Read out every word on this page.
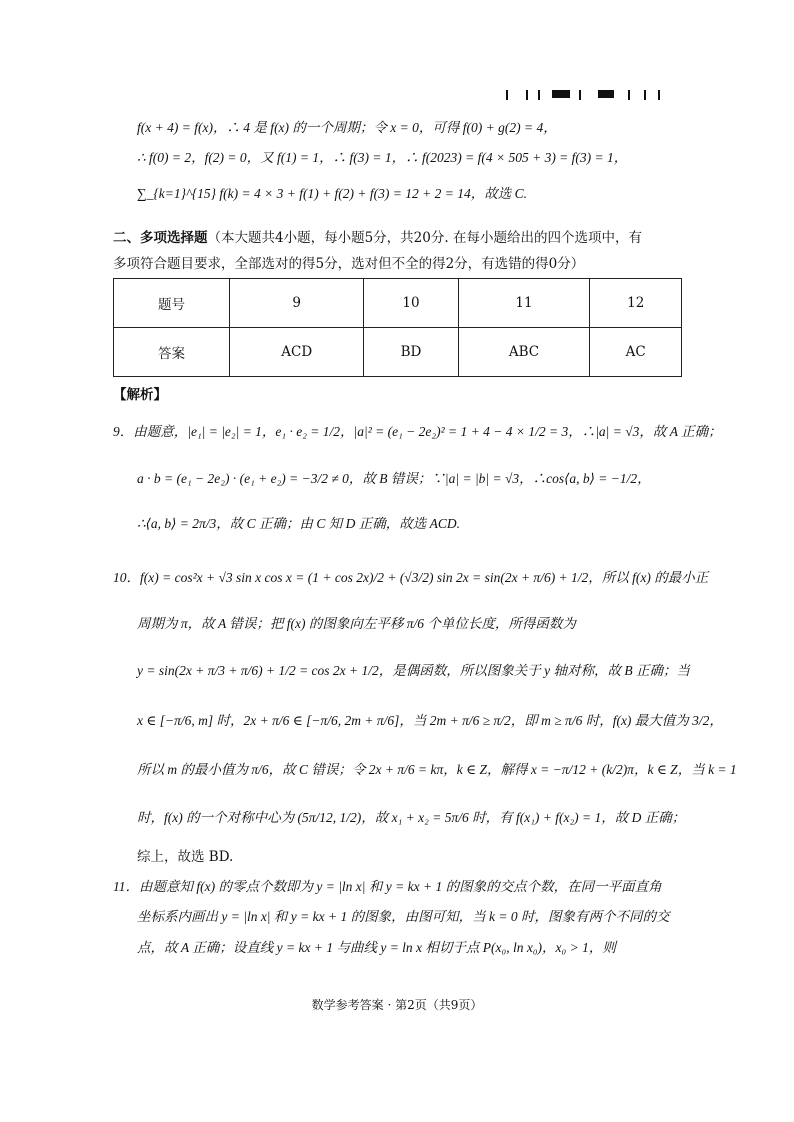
f(x + 4) = f(x)，∴ 4 是 f(x) 的一个周期；令 x = 0，可得 f(0) + g(2) = 4，
∴ f(0) = 2，f(2) = 0，又 f(1) = 1，∴ f(3) = 1，∴ f(2023) = f(4 × 505 + 3) = f(3) = 1，
∑_{k=1}^{15} f(k) = 4 × 3 + f(1) + f(2) + f(3) = 12 + 2 = 14，故选 C.
二、多项选择题（本大题共4小题，每小题5分，共20分. 在每小题给出的四个选项中，有
多项符合题目要求，全部选对的得5分，选对但不全的得2分，有选错的得0分）
题号	9	10	11	12
答案	ACD	BD	ABC	AC
【解析】
9．由题意，|e₁| = |e₂| = 1，e₁ · e₂ = 1/2，|a|² = (e₁ − 2e₂)² = 1 + 4 − 4 × 1/2 = 3，∴|a| = √3，故 A 正确；
a · b = (e₁ − 2e₂) · (e₁ + e₂) = −3/2 ≠ 0，故 B 错误；∵|a| = |b| = √3，∴cos⟨a, b⟩ = −1/2，
∴⟨a, b⟩ = 2π/3，故 C 正确；由 C 知 D 正确，故选 ACD.
10．f(x) = cos²x + √3 sin x cos x = (1 + cos 2x)/2 + (√3/2) sin 2x = sin(2x + π/6) + 1/2，所以 f(x) 的最小正
周期为 π，故 A 错误；把 f(x) 的图象向左平移 π/6 个单位长度，所得函数为
y = sin(2x + π/3 + π/6) + 1/2 = cos 2x + 1/2，是偶函数，所以图象关于 y 轴对称，故 B 正确；当
x ∈ [−π/6, m] 时，2x + π/6 ∈ [−π/6, 2m + π/6]，当 2m + π/6 ≥ π/2，即 m ≥ π/6 时，f(x) 最大值为 3/2，
所以 m 的最小值为 π/6，故 C 错误；令 2x + π/6 = kπ，k ∈ Z，解得 x = −π/12 + (k/2)π，k ∈ Z，当 k = 1
时，f(x) 的一个对称中心为 (5π/12, 1/2)，故 x₁ + x₂ = 5π/6 时，有 f(x₁) + f(x₂) = 1，故 D 正确；
综上，故选 BD.
11．由题意知 f(x) 的零点个数即为 y = |ln x| 和 y = kx + 1 的图象的交点个数，在同一平面直角
坐标系内画出 y = |ln x| 和 y = kx + 1 的图象，由图可知，当 k = 0 时，图象有两个不同的交
点，故 A 正确；设直线 y = kx + 1 与曲线 y = ln x 相切于点 P(x₀, ln x₀)，x₀ > 1，则
数学参考答案 · 第2页（共9页）
